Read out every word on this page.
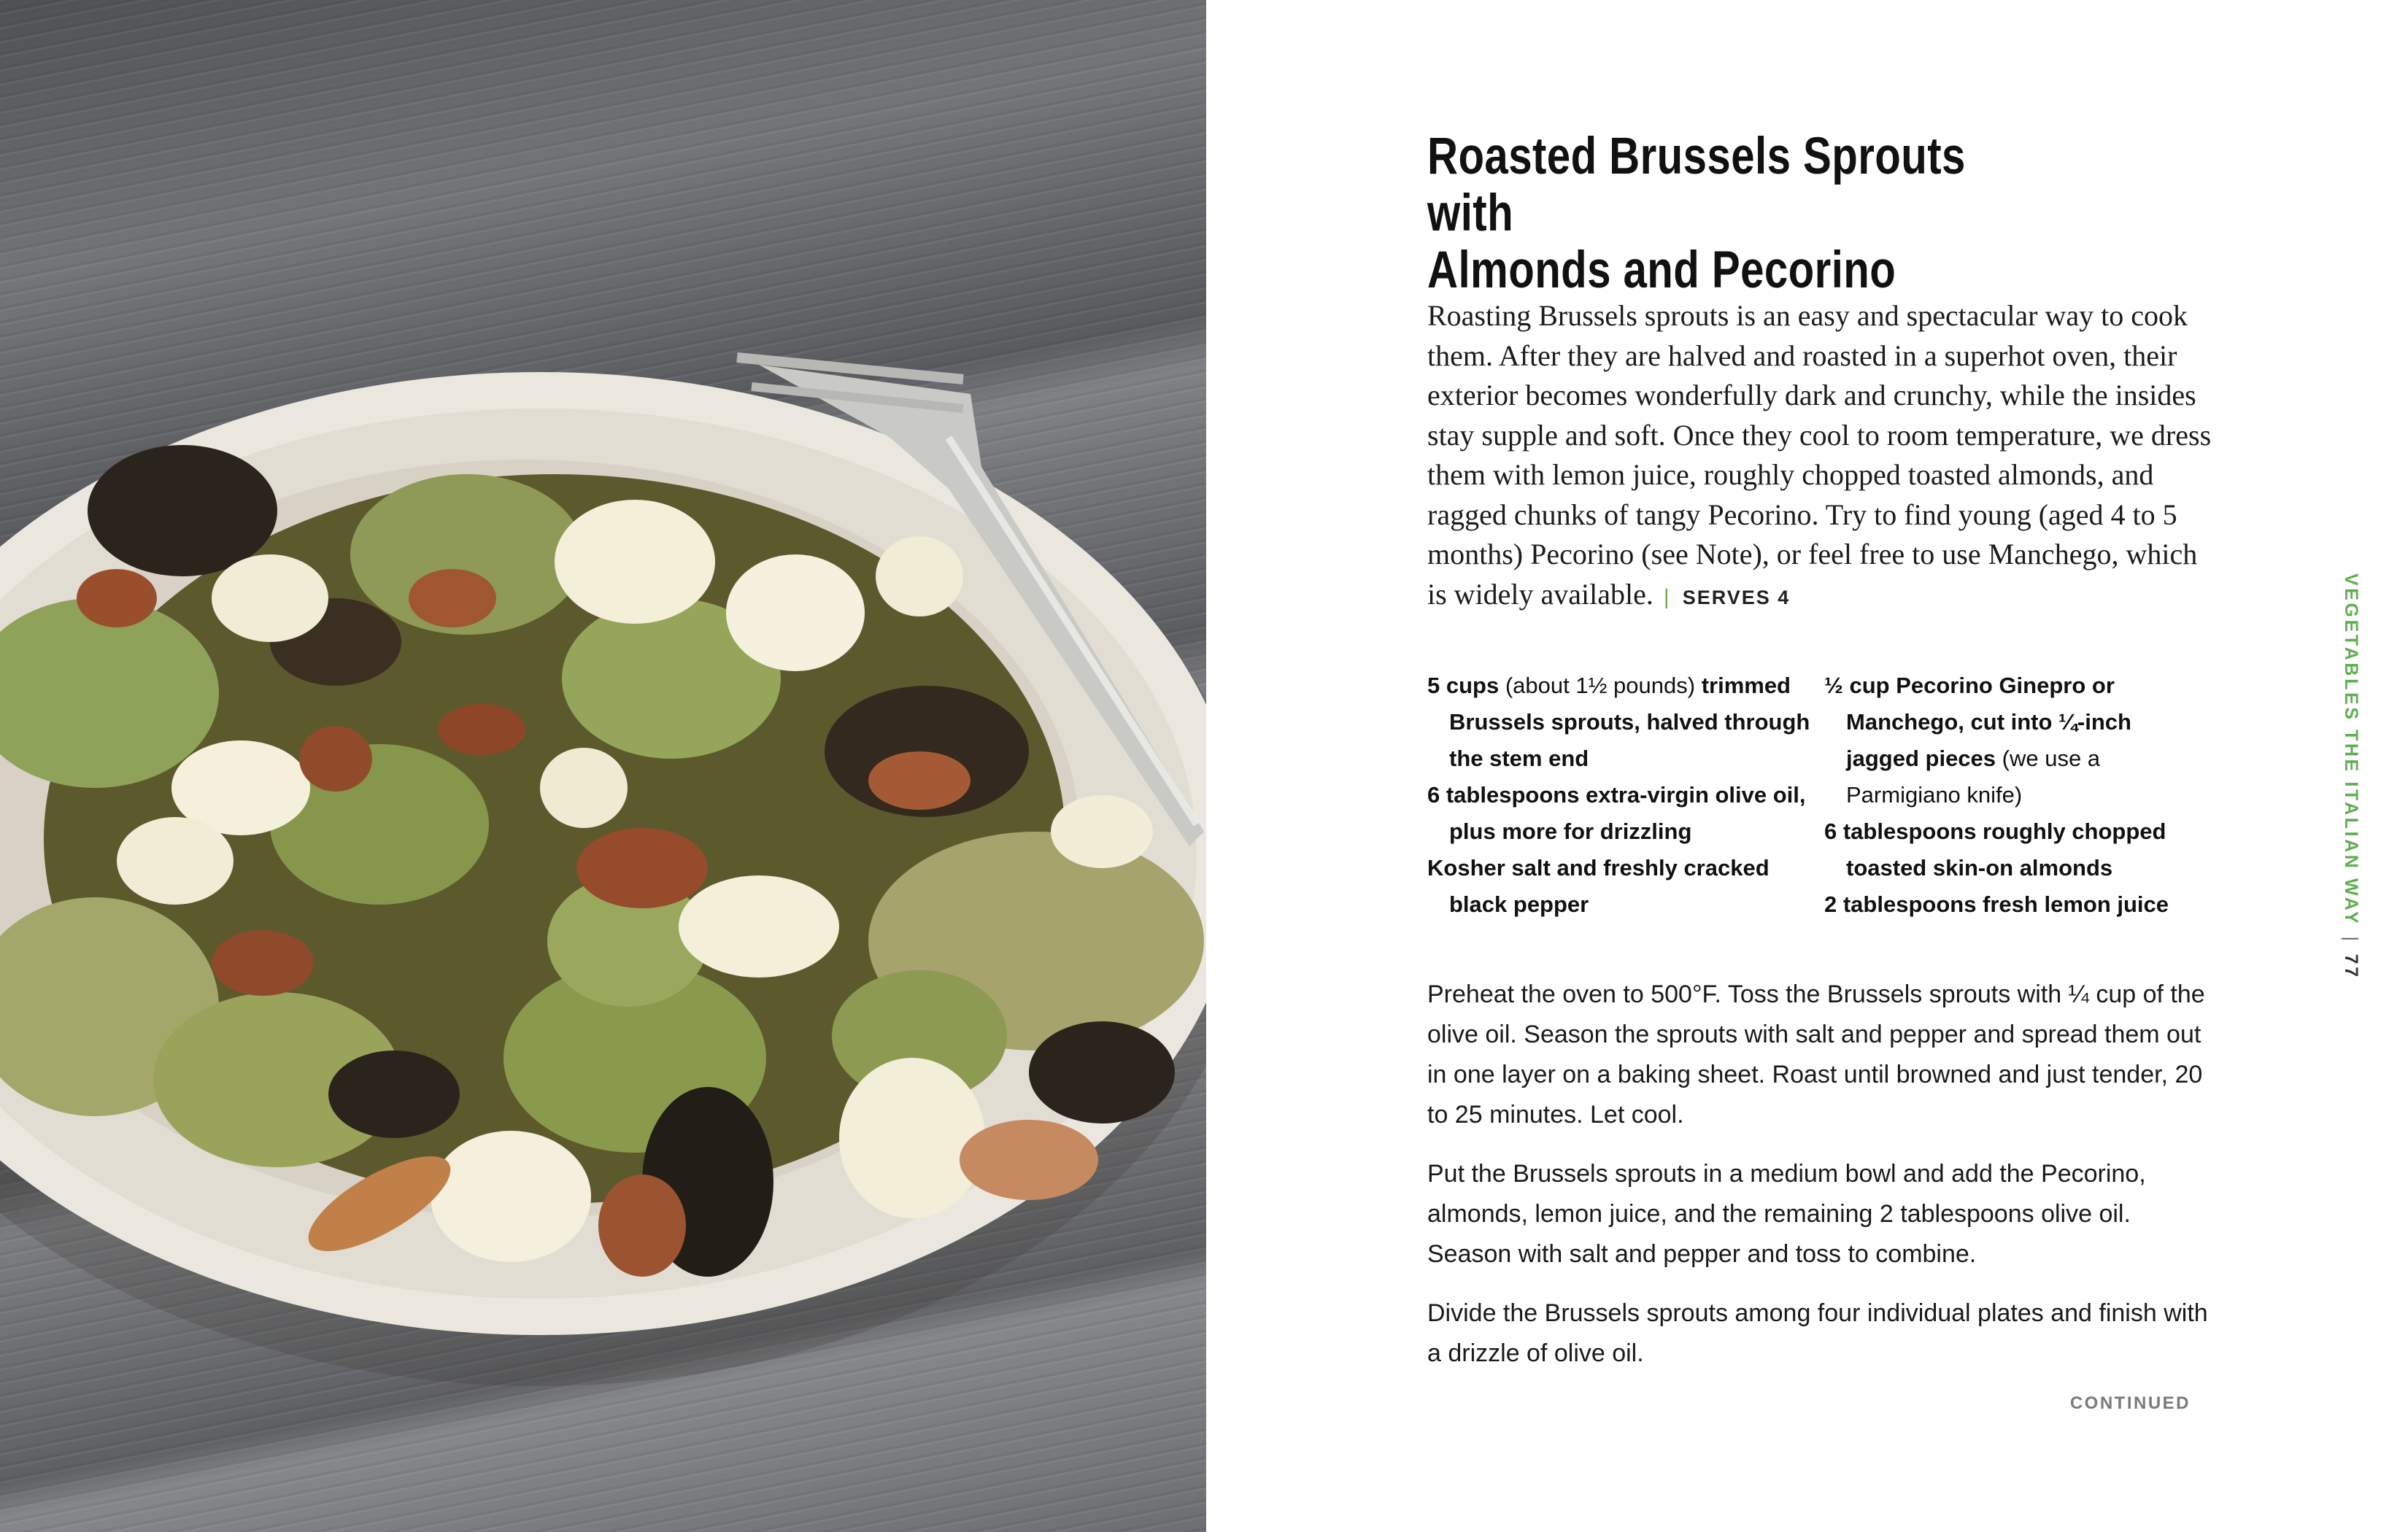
Roasted Brussels Sprouts with
Almonds and Pecorino

Roasting Brussels sprouts is an easy and spectacular way to cook them. After they are halved and roasted in a superhot oven, their exterior becomes wonderfully dark and crunchy, while the insides stay supple and soft. Once they cool to room temperature, we dress them with lemon juice, roughly chopped toasted almonds, and ragged chunks of tangy Pecorino. Try to find young (aged 4 to 5 months) Pecorino (see Note), or feel free to use Manchego, which is widely available. | SERVES 4

5 cups (about 1½ pounds) trimmed Brussels sprouts, halved through the stem end
6 tablespoons extra-virgin olive oil, plus more for drizzling
Kosher salt and freshly cracked black pepper
½ cup Pecorino Ginepro or Manchego, cut into ¼-inch jagged pieces (we use a Parmigiano knife)
6 tablespoons roughly chopped toasted skin-on almonds
2 tablespoons fresh lemon juice

Preheat the oven to 500°F. Toss the Brussels sprouts with ¼ cup of the olive oil. Season the sprouts with salt and pepper and spread them out in one layer on a baking sheet. Roast until browned and just tender, 20 to 25 minutes. Let cool.

Put the Brussels sprouts in a medium bowl and add the Pecorino, almonds, lemon juice, and the remaining 2 tablespoons olive oil. Season with salt and pepper and toss to combine.

Divide the Brussels sprouts among four individual plates and finish with a drizzle of olive oil.

CONTINUED
VEGETABLES THE ITALIAN WAY|77
